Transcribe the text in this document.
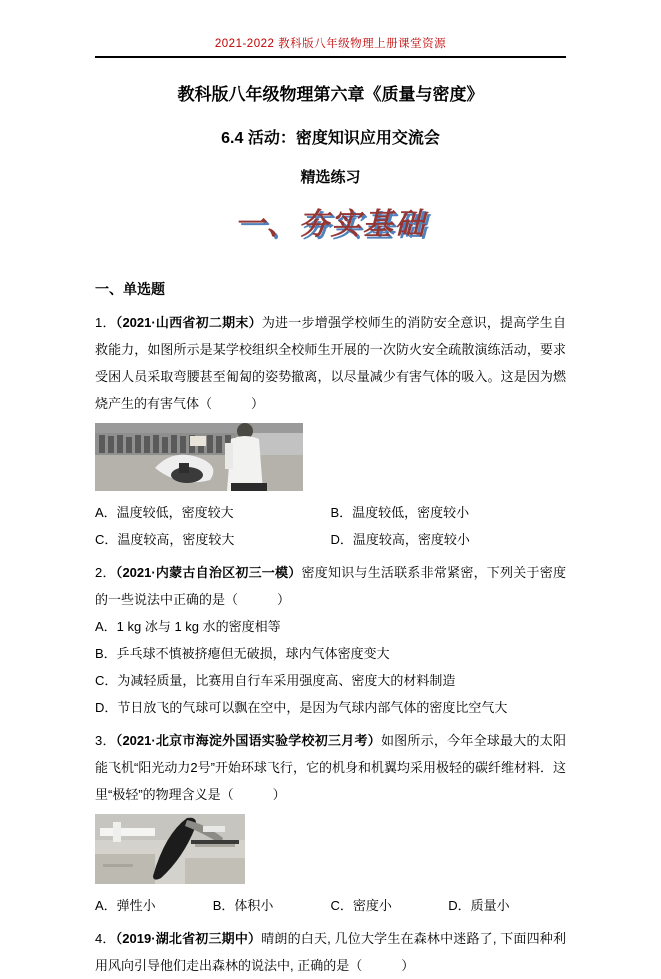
2021-2022 教科版八年级物理上册课堂资源
教科版八年级物理第六章《质量与密度》
6.4 活动：密度知识应用交流会
精选练习
一、夯实基础
一、单选题

1．（2021·山西省初二期末）为进一步增强学校师生的消防安全意识，提高学生自救能力，如图所示是某学校组织全校师生开展的一次防火安全疏散演练活动，要求受困人员采取弯腰甚至匍匐的姿势撤离，以尽量减少有害气体的吸入。这是因为燃烧产生的有害气体（　　　）

A．温度较低，密度较大	B．温度较低，密度较小
C．温度较高，密度较大	D．温度较高，密度较小

2．（2021·内蒙古自治区初三一模）密度知识与生活联系非常紧密，下列关于密度的一些说法中正确的是（　　　）

A．1 kg 冰与 1 kg 水的密度相等
B．乒乓球不慎被挤瘪但无破损，球内气体密度变大
C．为减轻质量，比赛用自行车采用强度高、密度大的材料制造
D．节日放飞的气球可以飘在空中，是因为气球内部气体的密度比空气大

3．（2021·北京市海淀外国语实验学校初三月考）如图所示，今年全球最大的太阳能飞机“阳光动力2号”开始环球飞行，它的机身和机翼均采用极轻的碳纤维材料．这里“极轻”的物理含义是（　　　）

A．弹性小	B．体积小	C．密度小	D．质量小

4．（2019·湖北省初三期中）晴朗的白天, 几位大学生在森林中迷路了, 下面四种利用风向引导他们走出森林的说法中, 正确的是（　　　）
